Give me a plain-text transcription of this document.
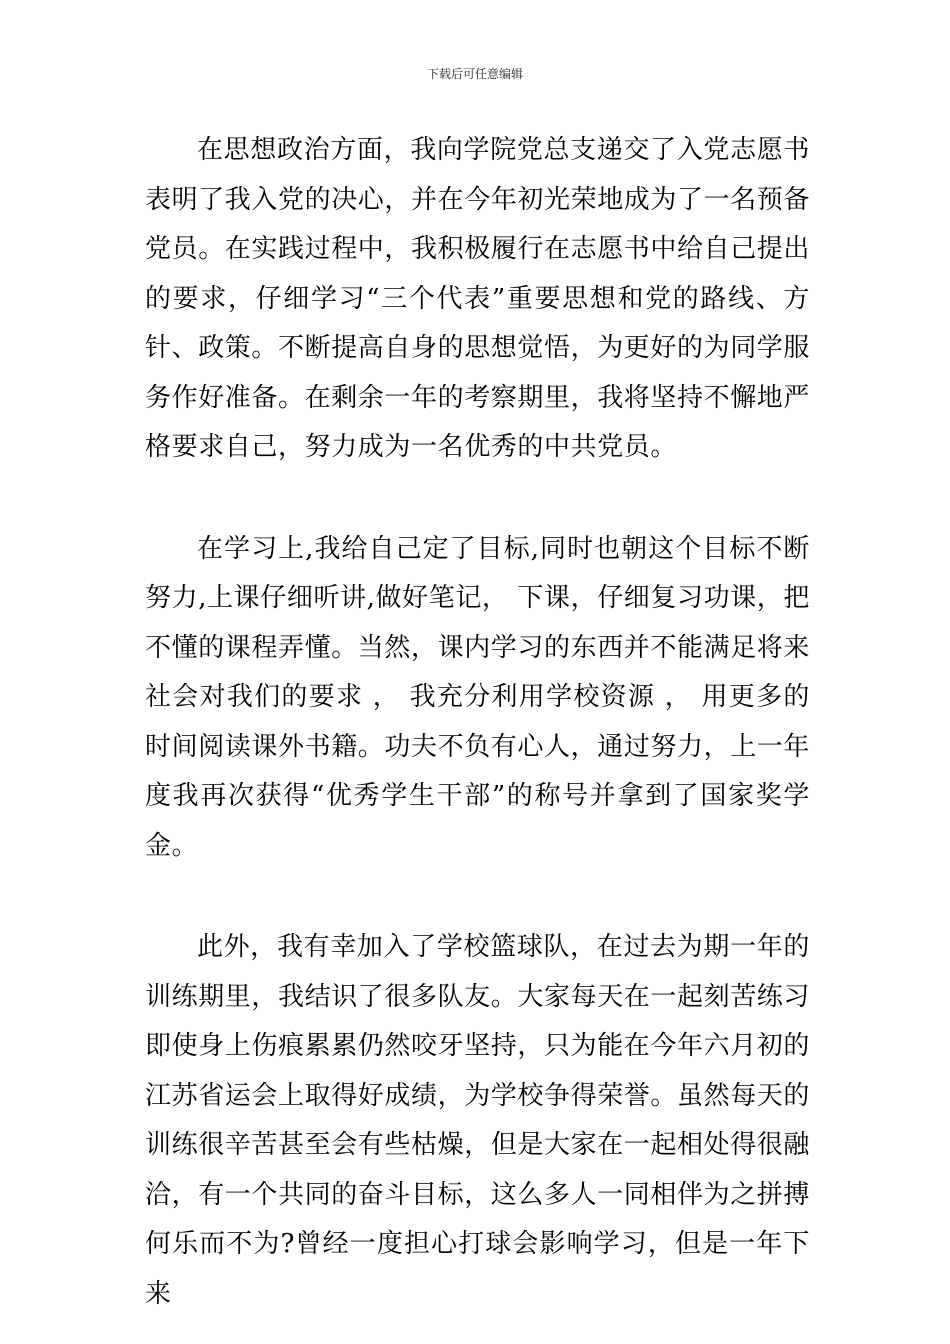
下载后可任意编辑

在思想政治方面，我向学院党总支递交了入党志愿书表明了我入党的决心，并在今年初光荣地成为了一名预备党员。在实践过程中，我积极履行在志愿书中给自己提出的要求，仔细学习“三个代表”重要思想和党的路线、方针、政策。不断提高自身的思想觉悟，为更好的为同学服务作好准备。在剩余一年的考察期里，我将坚持不懈地严格要求自己，努力成为一名优秀的中共党员。

在学习上,我给自己定了目标,同时也朝这个目标不断努力,上课仔细听讲,做好笔记， 下课，仔细复习功课，把不懂的课程弄懂。当然，课内学习的东西并不能满足将来社会对我们的要求 ， 我充分利用学校资源 ， 用更多的时间阅读课外书籍。功夫不负有心人，通过努力，上一年度我再次获得“优秀学生干部”的称号并拿到了国家奖学金。

此外，我有幸加入了学校篮球队，在过去为期一年的训练期里，我结识了很多队友。大家每天在一起刻苦练习即使身上伤痕累累仍然咬牙坚持，只为能在今年六月初的江苏省运会上取得好成绩，为学校争得荣誉。虽然每天的训练很辛苦甚至会有些枯燥，但是大家在一起相处得很融洽，有一个共同的奋斗目标，这么多人一同相伴为之拼搏何乐而不为?曾经一度担心打球会影响学习，但是一年下来
